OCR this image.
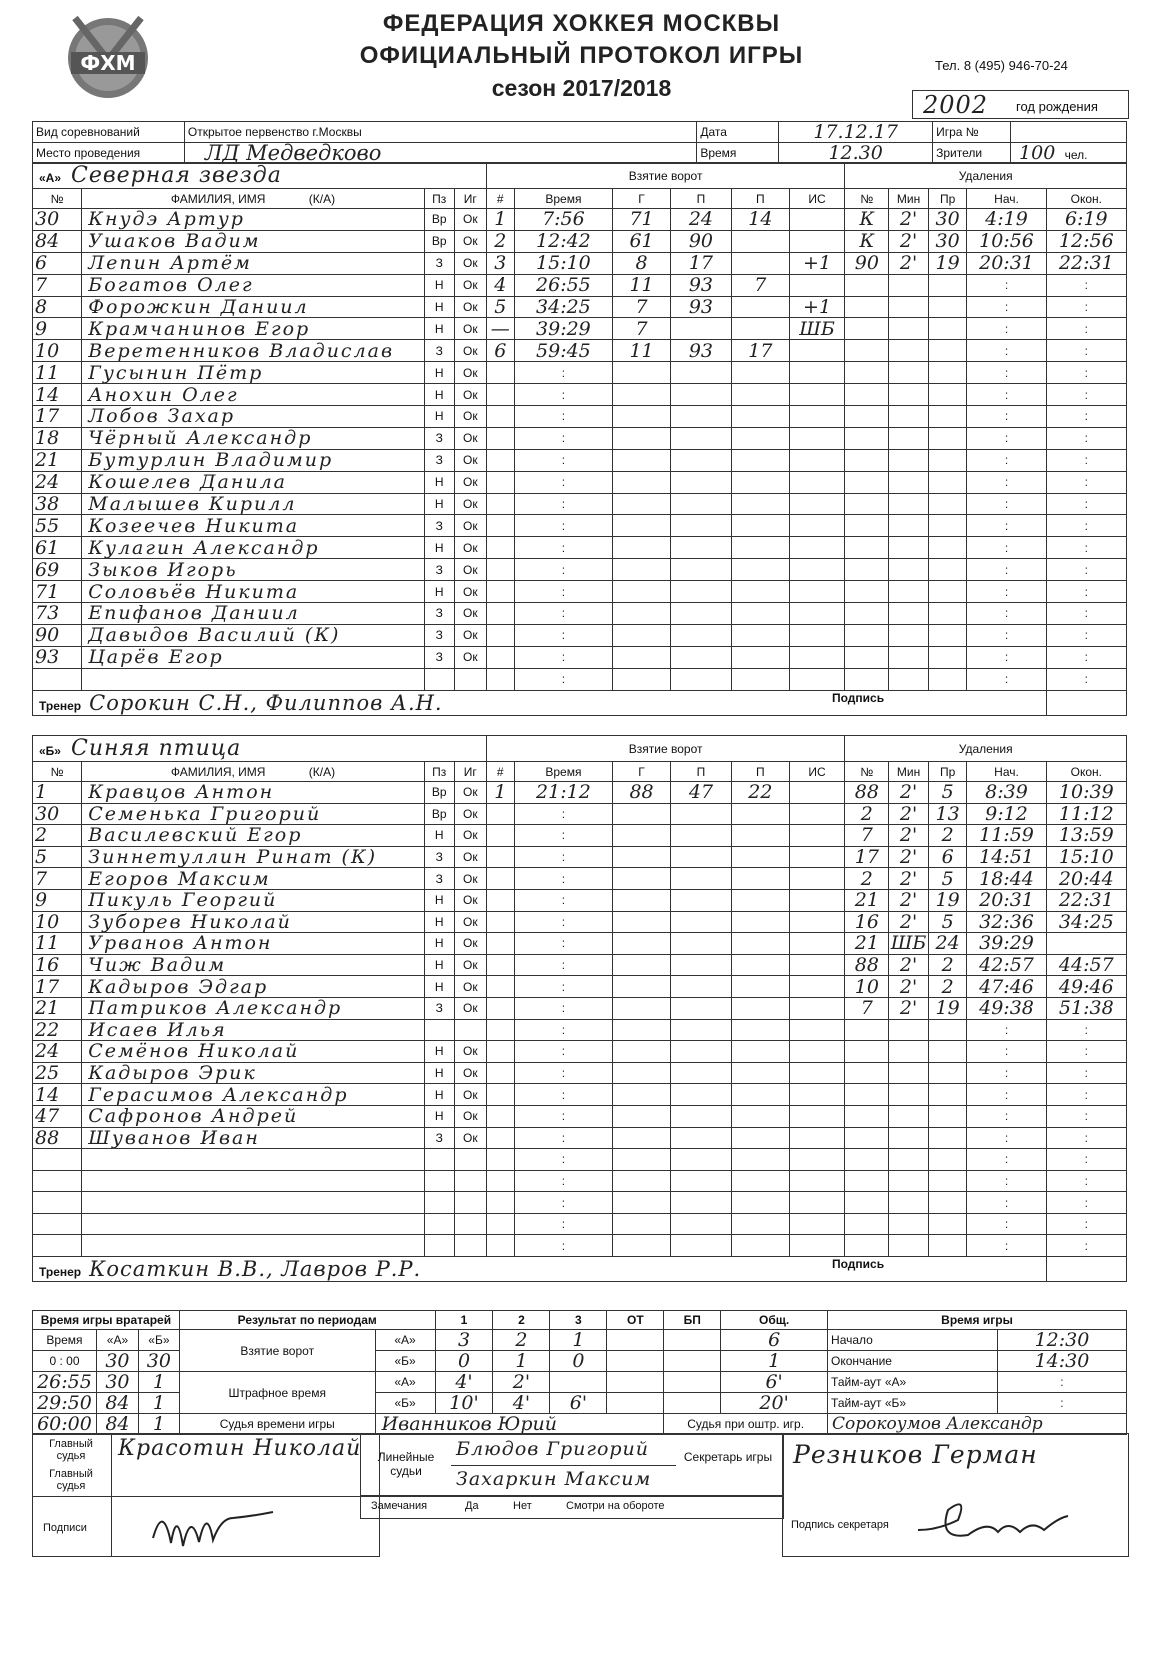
ФХМ
ФЕДЕРАЦИЯ ХОККЕЯ МОСКВЫ
ОФИЦИАЛЬНЫЙ ПРОТОКОЛ ИГРЫ
сезон 2017/2018
Тел. 8 (495) 946-70-24
2002 год рождения
Вид соревнований	Открытое первенство г.Москвы	Дата	17.12.17	Игра №	
Место проведения	ЛД Медведково	Время	12.30	Зрители	100 чел.
«А» Северная звезда				Взятие ворот						Удаления				
№	ФАМИЛИЯ, ИМЯ (К/А)	Пз	Иг	#	Время	Г	П	П	ИС	№	Мин	Пр	Нач.	Окон.
30	Кнудэ Артур	Вр	Ок	1	7:56	71	24	14		К	2'	30	4:19	6:19
84	Ушаков Вадим	Вр	Ок	2	12:42	61	90			К	2'	30	10:56	12:56
6	Лепин Артём	З	Ок	3	15:10	8	17		+1	90	2'	19	20:31	22:31
7	Богатов Олег	Н	Ок	4	26:55	11	93	7					:	:
8	Форожкин Даниил	Н	Ок	5	34:25	7	93		+1				:	:
9	Крамчанинов Егор	Н	Ок	—	39:29	7			ШБ				:	:
10	Веретенников Владислав	З	Ок	6	59:45	11	93	17					:	:
11	Гусынин Пётр	Н	Ок		:								:	:
14	Анохин Олег	Н	Ок		:								:	:
17	Лобов Захар	Н	Ок		:								:	:
18	Чёрный Александр	З	Ок		:								:	:
21	Бутурлин Владимир	З	Ок		:								:	:
24	Кошелев Данила	Н	Ок		:								:	:
38	Малышев Кирилл	Н	Ок		:								:	:
55	Козеечев Никита	З	Ок		:								:	:
61	Кулагин Александр	Н	Ок		:								:	:
69	Зыков Игорь	З	Ок		:								:	:
71	Соловьёв Никита	Н	Ок		:								:	:
73	Епифанов Даниил	З	Ок		:								:	:
90	Давыдов Василий (К)	З	Ок		:								:	:
93	Царёв Егор	З	Ок		:								:	:
					:								:	:
Тренер Сорокин С.Н., Филиппов А.Н. Подпись														

«Б» Синяя птица				Взятие ворот						Удаления				
№	ФАМИЛИЯ, ИМЯ (К/А)	Пз	Иг	#	Время	Г	П	П	ИС	№	Мин	Пр	Нач.	Окон.
1	Кравцов Антон	Вр	Ок	1	21:12	88	47	22		88	2'	5	8:39	10:39
30	Семенька Григорий	Вр	Ок		:					2	2'	13	9:12	11:12
2	Василевский Егор	Н	Ок		:					7	2'	2	11:59	13:59
5	Зиннетуллин Ринат (К)	З	Ок		:					17	2'	6	14:51	15:10
7	Егоров Максим	З	Ок		:					2	2'	5	18:44	20:44
9	Пикуль Георгий	Н	Ок		:					21	2'	19	20:31	22:31
10	Зуборев Николай	Н	Ок		:					16	2'	5	32:36	34:25
11	Урванов Антон	Н	Ок		:					21	ШБ	24	39:29	
16	Чиж Вадим	Н	Ок		:					88	2'	2	42:57	44:57
17	Кадыров Эдгар	Н	Ок		:					10	2'	2	47:46	49:46
21	Патриков Александр	З	Ок		:					7	2'	19	49:38	51:38
22	Исаев Илья				:								:	:
24	Семёнов Николай	Н	Ок		:								:	:
25	Кадыров Эрик	Н	Ок		:								:	:
14	Герасимов Александр	Н	Ок		:								:	:
47	Сафронов Андрей	Н	Ок		:								:	:
88	Шуванов Иван	З	Ок		:								:	:
					:								:	:
					:								:	:
					:								:	:
					:								:	:
					:								:	:
Тренер Косаткин В.В., Лавров Р.Р. Подпись														

Время игры вратарей			Результат по периодам		1	2	3	ОТ	БП	Общ.	Время игры	
Время	«А»	«Б»	Взятие ворот	«А»	3	2	1			6	Начало	12:30
0 : 00	30	30		«Б»	0	1	0			1	Окончание	14:30
26:55	30	1	Штрафное время	«А»	4'	2'				6'	Тайм-аут «А»	:
29:50	84	1		«Б»	10'	4'	6'			20'	Тайм-аут «Б»	:
60:00	84	1	Судья времени игры	Иванников Юрий					Судья при оштр. игр.		Сорокоумов Александр	
Главный судья	Красотин Николай
Главный судья
Подписи
Линейные судьи
Блюдов Григорий
Захаркин Максим
Секретарь игры
Замечания	Да	Нет	Смотри на обороте
Резников Герман
Подпись секретаря
